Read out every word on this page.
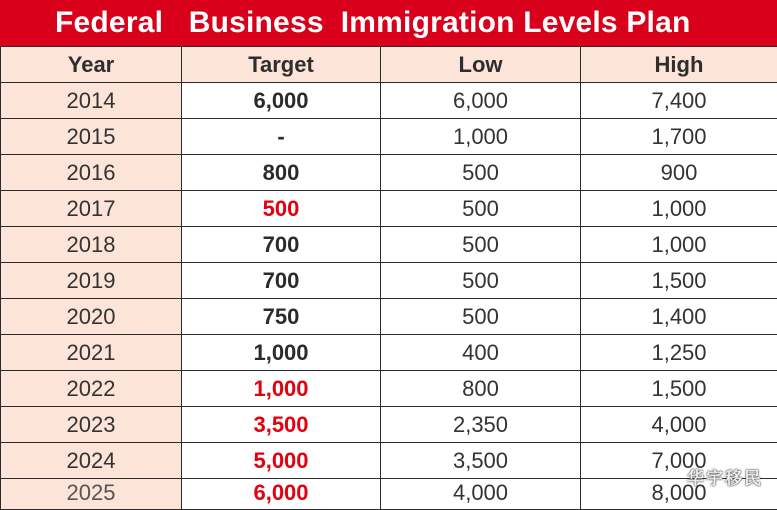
Federal   Business  Immigration Levels Plan
Year	Target	Low	High
2014	6,000	6,000	7,400
2015	-	1,000	1,700
2016	800	500	900
2017	500	500	1,000
2018	700	500	1,000
2019	700	500	1,500
2020	750	500	1,400
2021	1,000	400	1,250
2022	1,000	800	1,500
2023	3,500	2,350	4,000
2024	5,000	3,500	7,000
2025	6,000	4,000	8,000
华宇移民
